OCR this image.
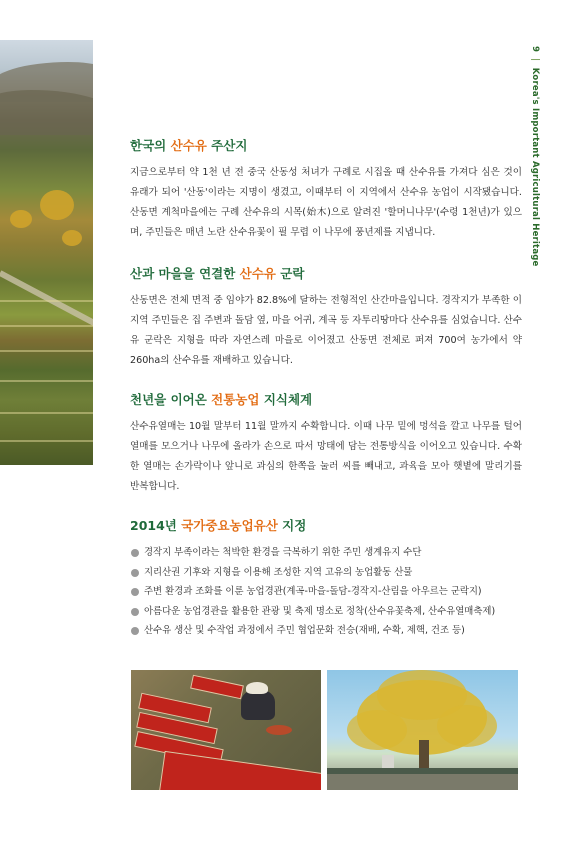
9 | Korea's Important Agricultural Heritage
한국의 산수유 주산지

지금으로부터 약 1천 년 전 중국 산동성 처녀가 구례로 시집올 때 산수유를 가져다 심은 것이 유래가 되어 '산동'이라는 지명이 생겼고, 이때부터 이 지역에서 산수유 농업이 시작됐습니다. 산동면 계척마을에는 구례 산수유의 시목(始木)으로 알려진 '할머니나무'(수령 1천년)가 있으며, 주민들은 매년 노란 산수유꽃이 필 무렵 이 나무에 풍년제를 지냅니다.

산과 마을을 연결한 산수유 군락

산동면은 전체 면적 중 임야가 82.8%에 달하는 전형적인 산간마을입니다. 경작지가 부족한 이 지역 주민들은 집 주변과 돌담 옆, 마을 어귀, 계곡 등 자투리땅마다 산수유를 심었습니다. 산수유 군락은 지형을 따라 자연스레 마을로 이어졌고 산동면 전체로 퍼져 700여 농가에서 약 260ha의 산수유를 재배하고 있습니다.

천년을 이어온 전통농업 지식체계

산수유열매는 10월 말부터 11월 말까지 수확합니다. 이때 나무 밑에 멍석을 깔고 나무를 털어 열매를 모으거나 나무에 올라가 손으로 따서 망태에 담는 전통방식을 이어오고 있습니다. 수확한 열매는 손가락이나 앞니로 과심의 한쪽을 눌러 씨를 빼내고, 과육을 모아 햇볕에 말리기를 반복합니다.

2014년 국가중요농업유산 지정
경작지 부족이라는 척박한 환경을 극복하기 위한 주민 생계유지 수단
지리산권 기후와 지형을 이용해 조성한 지역 고유의 농업활동 산물
주변 환경과 조화를 이룬 농업경관(계곡-마을-돌담-경작지-산림을 아우르는 군락지)
아름다운 농업경관을 활용한 관광 및 축제 명소로 정착(산수유꽃축제, 산수유열매축제)
산수유 생산 및 수작업 과정에서 주민 협업문화 전승(재배, 수확, 제핵, 건조 등)
